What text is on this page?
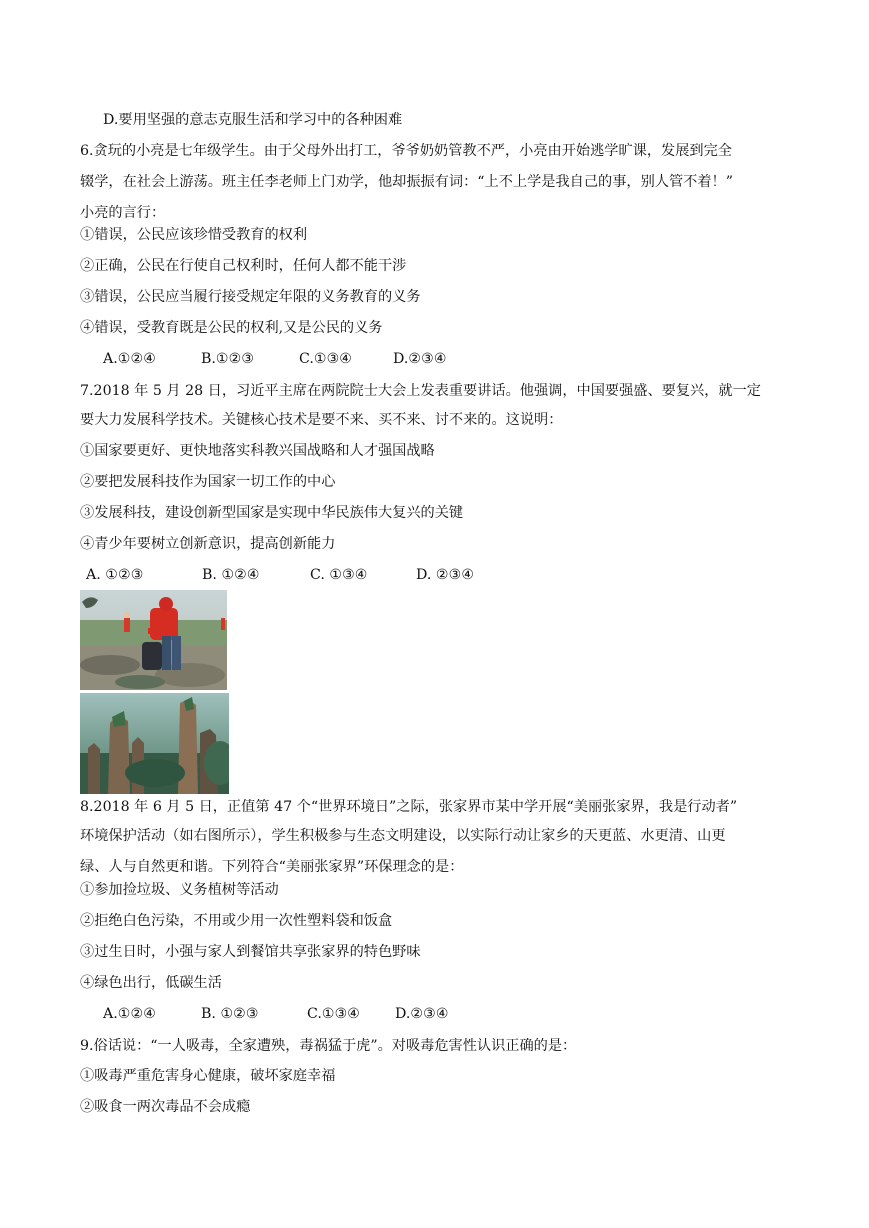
D.要用坚强的意志克服生活和学习中的各种困难
6.贪玩的小亮是七年级学生。由于父母外出打工，爷爷奶奶管教不严，小亮由开始逃学旷课，发展到完全
辍学，在社会上游荡。班主任李老师上门劝学，他却振振有词：“上不上学是我自己的事，别人管不着！”
小亮的言行：
①错误，公民应该珍惜受教育的权利
②正确，公民在行使自己权利时，任何人都不能干涉
③错误，公民应当履行接受规定年限的义务教育的义务
④错误，受教育既是公民的权利,又是公民的义务
A.①②④	B.①②③	C.①③④	D.②③④
7.2018 年 5 月 28 日，习近平主席在两院院士大会上发表重要讲话。他强调，中国要强盛、要复兴，就一定
要大力发展科学技术。关键核心技术是要不来、买不来、讨不来的。这说明：
①国家要更好、更快地落实科教兴国战略和人才强国战略
②要把发展科技作为国家一切工作的中心
③发展科技，建设创新型国家是实现中华民族伟大复兴的关键
④青少年要树立创新意识，提高创新能力
A. ①②③	B. ①②④	C. ①③④	D. ②③④
8.2018 年 6 月 5 日，正值第 47 个“世界环境日”之际，张家界市某中学开展“美丽张家界，我是行动者”
环境保护活动（如右图所示），学生积极参与生态文明建设，以实际行动让家乡的天更蓝、水更清、山更
绿、人与自然更和谐。下列符合“美丽张家界”环保理念的是：
①参加捡垃圾、义务植树等活动
②拒绝白色污染，不用或少用一次性塑料袋和饭盒
③过生日时，小强与家人到餐馆共享张家界的特色野味
④绿色出行，低碳生活
A.①②④	B. ①②③	C.①③④ D.②③④
9.俗话说：“一人吸毒，全家遭殃，毒祸猛于虎”。对吸毒危害性认识正确的是：
①吸毒严重危害身心健康，破坏家庭幸福
②吸食一两次毒品不会成瘾
